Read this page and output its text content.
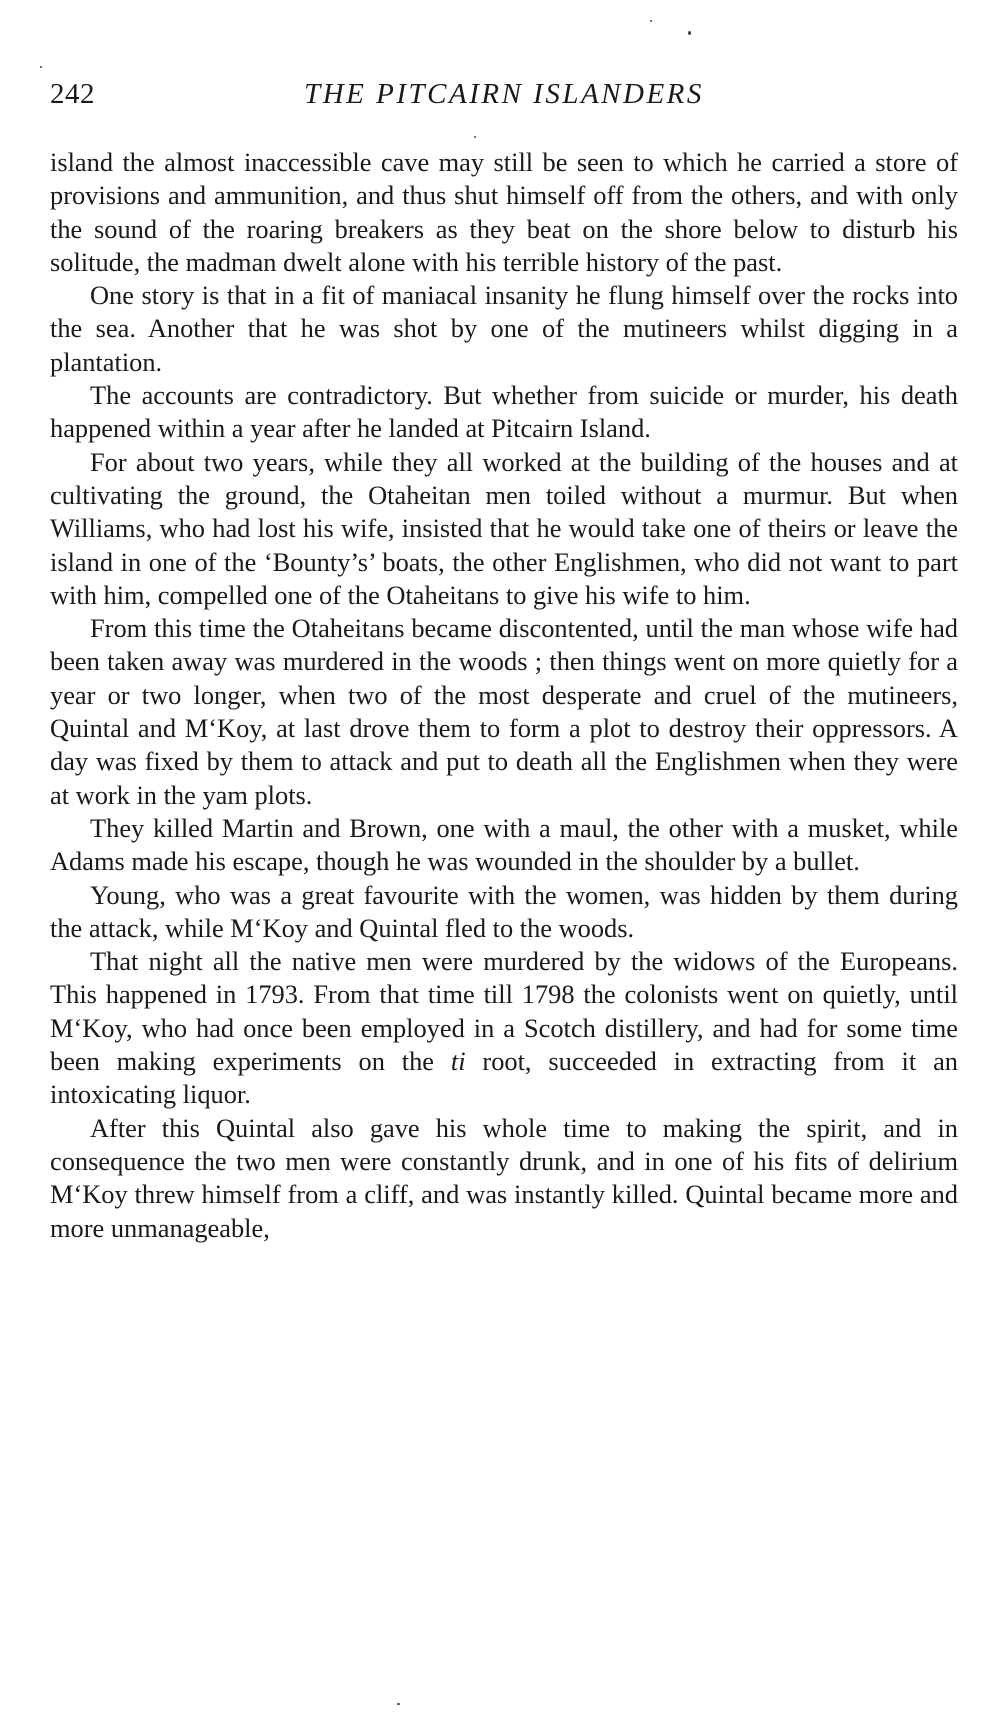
242	THE PITCAIRN ISLANDERS

island the almost inaccessible cave may still be seen to which he carried a store of provisions and ammunition, and thus shut himself off from the others, and with only the sound of the roaring breakers as they beat on the shore below to disturb his solitude, the madman dwelt alone with his terrible history of the past.

One story is that in a fit of maniacal insanity he flung himself over the rocks into the sea. Another that he was shot by one of the mutineers whilst digging in a plantation.

The accounts are contradictory. But whether from suicide or murder, his death happened within a year after he landed at Pitcairn Island.

For about two years, while they all worked at the building of the houses and at cultivating the ground, the Otaheitan men toiled without a murmur. But when Williams, who had lost his wife, insisted that he would take one of theirs or leave the island in one of the ‘Bounty’s’ boats, the other Englishmen, who did not want to part with him, compelled one of the Otaheitans to give his wife to him.

From this time the Otaheitans became discontented, until the man whose wife had been taken away was murdered in the woods ; then things went on more quietly for a year or two longer, when two of the most desperate and cruel of the mutineers, Quintal and M‘Koy, at last drove them to form a plot to destroy their oppressors. A day was fixed by them to attack and put to death all the Englishmen when they were at work in the yam plots.

They killed Martin and Brown, one with a maul, the other with a musket, while Adams made his escape, though he was wounded in the shoulder by a bullet.

Young, who was a great favourite with the women, was hidden by them during the attack, while M‘Koy and Quintal fled to the woods.

That night all the native men were murdered by the widows of the Europeans. This happened in 1793. From that time till 1798 the colonists went on quietly, until M‘Koy, who had once been employed in a Scotch distillery, and had for some time been making experiments on the ti root, succeeded in extracting from it an intoxicating liquor.

After this Quintal also gave his whole time to making the spirit, and in consequence the two men were constantly drunk, and in one of his fits of delirium M‘Koy threw himself from a cliff, and was instantly killed. Quintal became more and more unmanageable,
